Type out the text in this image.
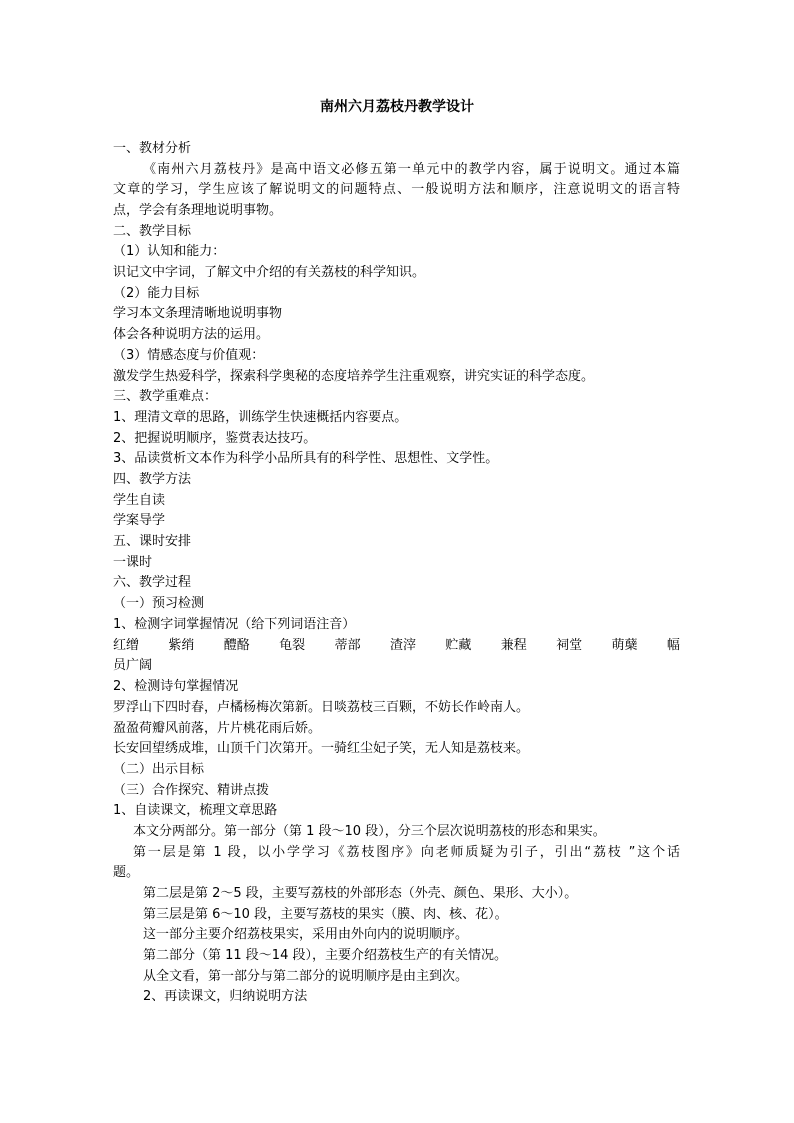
南州六月荔枝丹教学设计
一、教材分析
《南州六月荔枝丹》是高中语文必修五第一单元中的教学内容，属于说明文。通过本篇
文章的学习，学生应该了解说明文的问题特点、一般说明方法和顺序，注意说明文的语言特
点，学会有条理地说明事物。
二、教学目标
（1）认知和能力：
识记文中字词，了解文中介绍的有关荔枝的科学知识。
（2）能力目标
学习本文条理清晰地说明事物
体会各种说明方法的运用。
（3）情感态度与价值观：
激发学生热爱科学，探索科学奥秘的态度培养学生注重观察，讲究实证的科学态度。
三、教学重难点：
1、理清文章的思路，训练学生快速概括内容要点。
2、把握说明顺序，鉴赏表达技巧。
3、品读赏析文本作为科学小品所具有的科学性、思想性、文学性。
四、教学方法
学生自读
学案导学
五、课时安排
一课时
六、教学过程
（一）预习检测
1、检测字词掌握情况（给下列词语注音）
红缯 紫绡 醴酪 龟裂 蒂部 渣滓 贮藏 兼程 祠堂 萌蘖 幅
员广阔
2、检测诗句掌握情况
罗浮山下四时春，卢橘杨梅次第新。日啖荔枝三百颗，不妨长作岭南人。
盈盈荷瓣风前落，片片桃花雨后娇。
长安回望绣成堆，山顶千门次第开。一骑红尘妃子笑，无人知是荔枝来。
（二）出示目标
（三）合作探究、精讲点拨
1、自读课文，梳理文章思路
本文分两部分。第一部分（第 1 段～10 段），分三个层次说明荔枝的形态和果实。
第一层是第 1 段，以小学学习《荔枝图序》向老师质疑为引子，引出“荔枝 ”这个话
题。
第二层是第 2～5 段，主要写荔枝的外部形态（外壳、颜色、果形、大小）。
第三层是第 6～10 段，主要写荔枝的果实（膜、肉、核、花）。
这一部分主要介绍荔枝果实，采用由外向内的说明顺序。
第二部分（第 11 段～14 段），主要介绍荔枝生产的有关情况。
从全文看，第一部分与第二部分的说明顺序是由主到次。
2、再读课文，归纳说明方法
